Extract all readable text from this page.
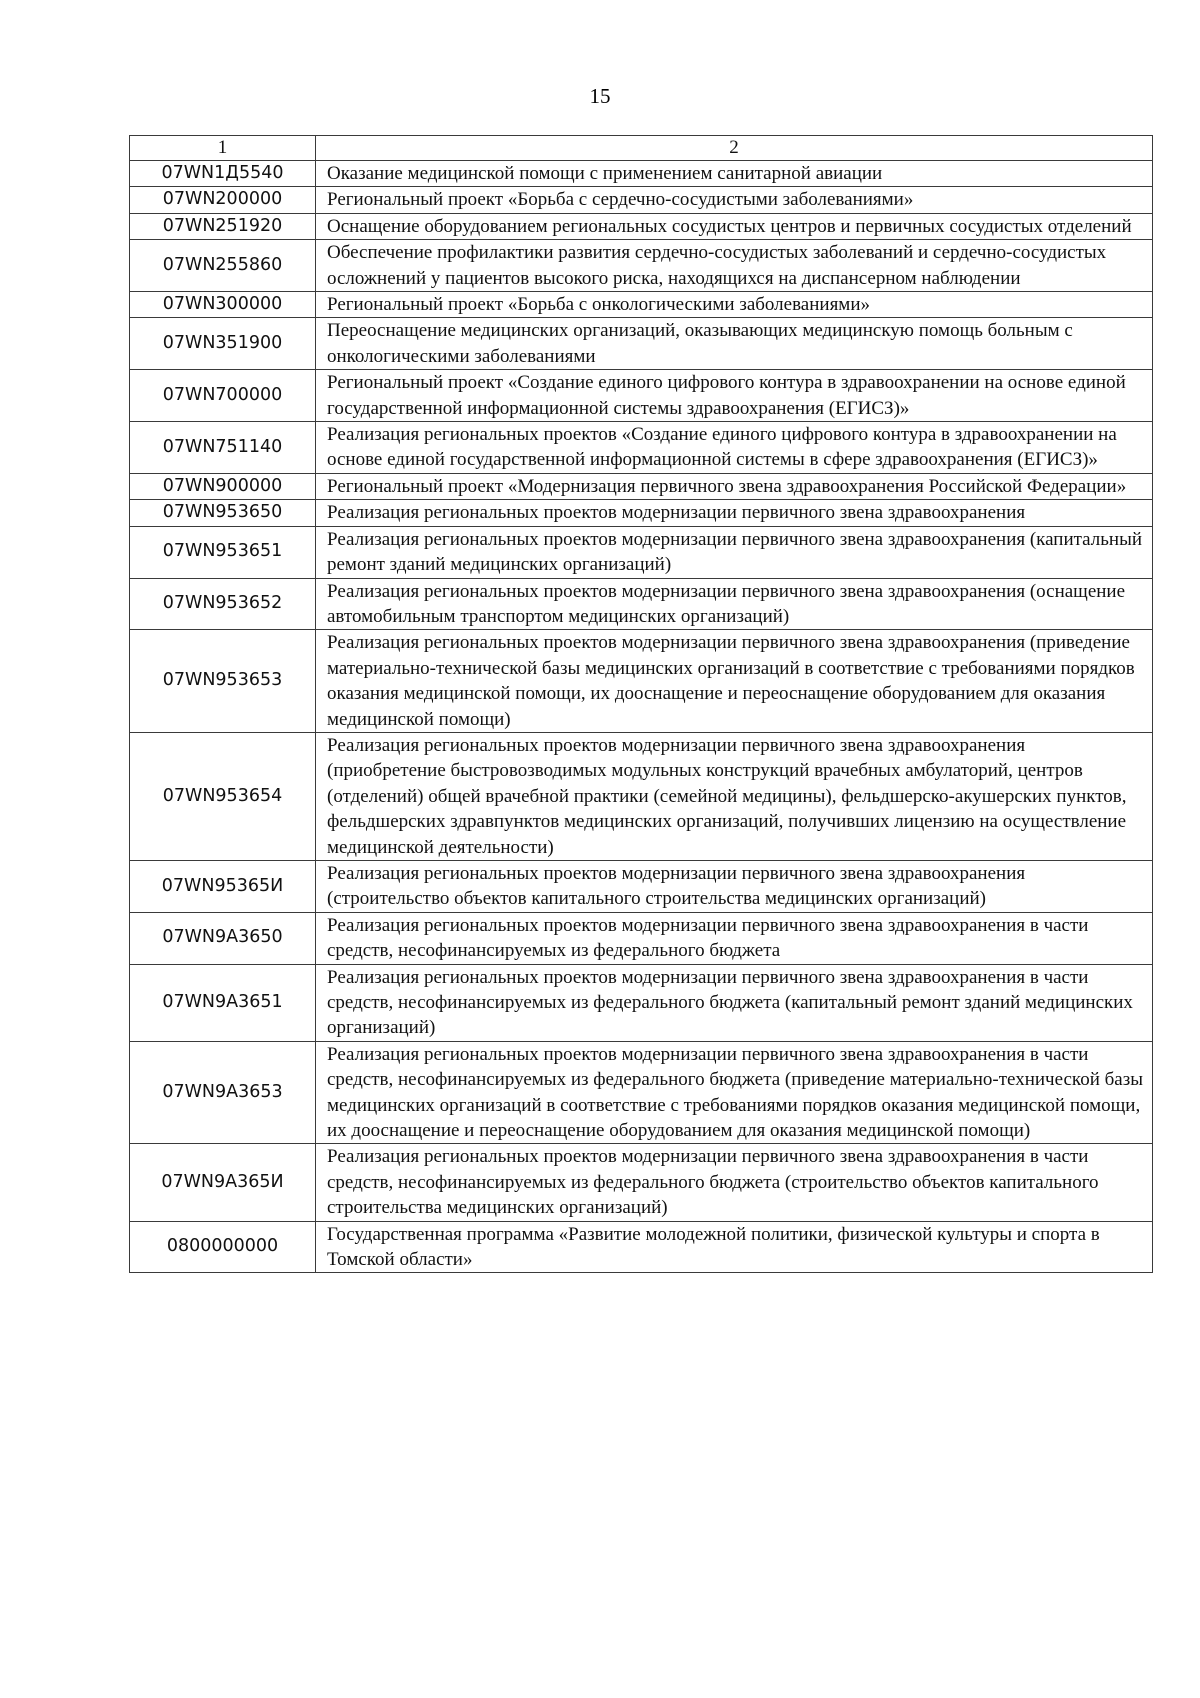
15
1	2
07WN1Д5540	Оказание медицинской помощи с применением санитарной авиации
07WN200000	Региональный проект «Борьба с сердечно-сосудистыми заболеваниями»
07WN251920	Оснащение оборудованием региональных сосудистых центров и первичных сосудистых отделений
07WN255860	Обеспечение профилактики развития сердечно-сосудистых заболеваний и сердечно-сосудистых осложнений у пациентов высокого риска, находящихся на диспансерном наблюдении
07WN300000	Региональный проект «Борьба с онкологическими заболеваниями»
07WN351900	Переоснащение медицинских организаций, оказывающих медицинскую помощь больным с онкологическими заболеваниями
07WN700000	Региональный проект «Создание единого цифрового контура в здравоохранении на основе единой государственной информационной системы здравоохранения (ЕГИСЗ)»
07WN751140	Реализация региональных проектов «Создание единого цифрового контура в здравоохранении на основе единой государственной информационной системы в сфере здравоохранения (ЕГИСЗ)»
07WN900000	Региональный проект «Модернизация первичного звена здравоохранения Российской Федерации»
07WN953650	Реализация региональных проектов модернизации первичного звена здравоохранения
07WN953651	Реализация региональных проектов модернизации первичного звена здравоохранения (капитальный ремонт зданий медицинских организаций)
07WN953652	Реализация региональных проектов модернизации первичного звена здравоохранения (оснащение автомобильным транспортом медицинских организаций)
07WN953653	Реализация региональных проектов модернизации первичного звена здравоохранения (приведение материально-технической базы медицинских организаций в соответствие с требованиями порядков оказания медицинской помощи, их дооснащение и переоснащение оборудованием для оказания медицинской помощи)
07WN953654	Реализация региональных проектов модернизации первичного звена здравоохранения (приобретение быстровозводимых модульных конструкций врачебных амбулаторий, центров (отделений) общей врачебной практики (семейной медицины), фельдшерско-акушерских пунктов, фельдшерских здравпунктов медицинских организаций, получивших лицензию на осуществление медицинской деятельности)
07WN95365И	Реализация региональных проектов модернизации первичного звена здравоохранения (строительство объектов капитального строительства медицинских организаций)
07WN9A3650	Реализация региональных проектов модернизации первичного звена здравоохранения в части средств, несофинансируемых из федерального бюджета
07WN9A3651	Реализация региональных проектов модернизации первичного звена здравоохранения в части средств, несофинансируемых из федерального бюджета (капитальный ремонт зданий медицинских организаций)
07WN9A3653	Реализация региональных проектов модернизации первичного звена здравоохранения в части средств, несофинансируемых из федерального бюджета (приведение материально-технической базы медицинских организаций в соответствие с требованиями порядков оказания медицинской помощи, их дооснащение и переоснащение оборудованием для оказания медицинской помощи)
07WN9A365И	Реализация региональных проектов модернизации первичного звена здравоохранения в части средств, несофинансируемых из федерального бюджета (строительство объектов капитального строительства медицинских организаций)
0800000000	Государственная программа «Развитие молодежной политики, физической культуры и спорта в Томской области»
